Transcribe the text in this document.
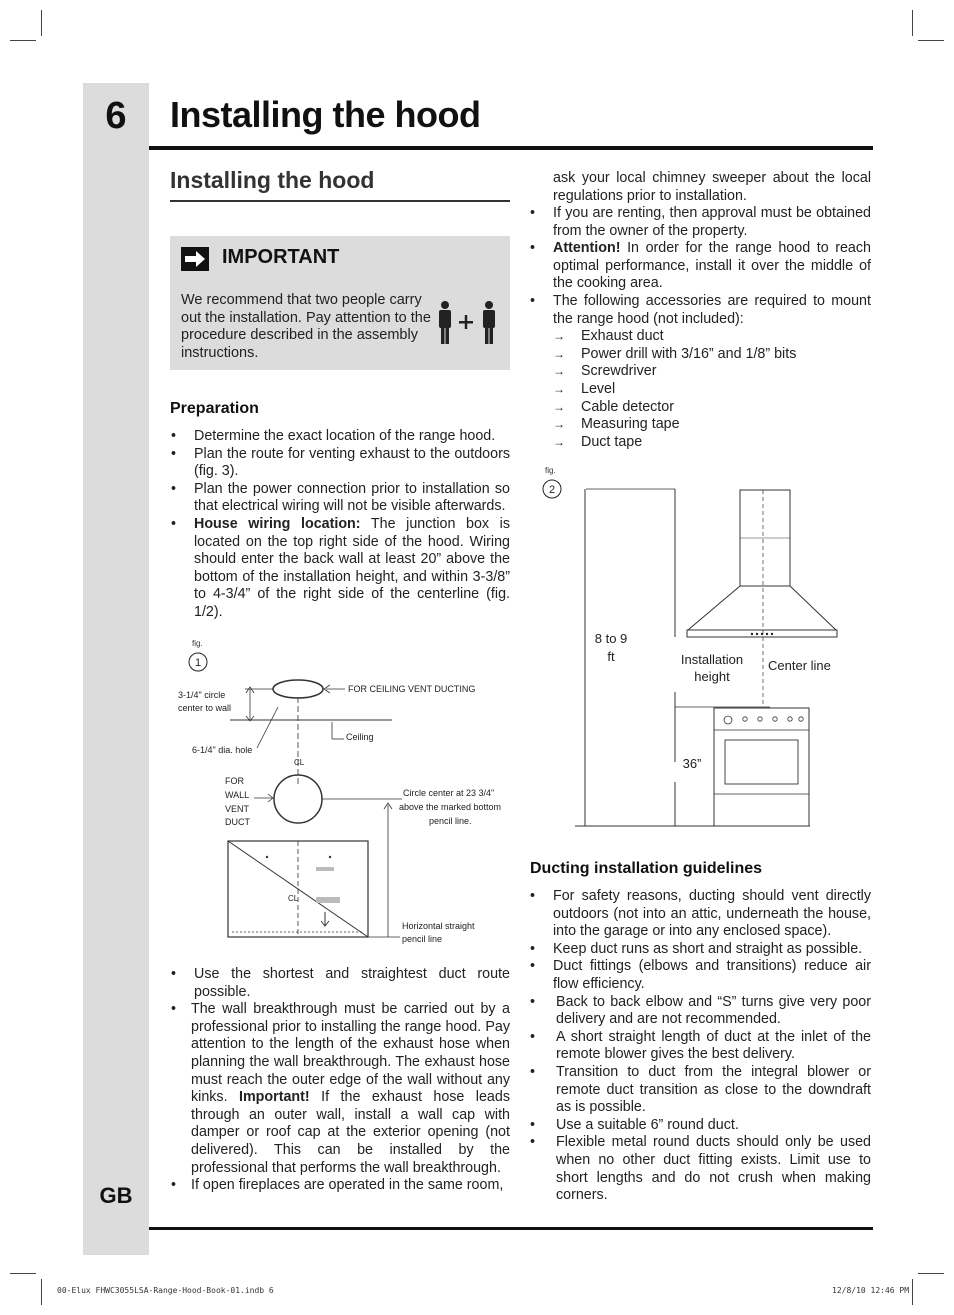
6
GB
Installing the hood
Installing the hood
IMPORTANT
We recommend that two people carry out the installation. Pay attention to the procedure described in the assembly instructions.
Preparation
• Determine the exact location of the range hood.
• Plan the route for venting exhaust to the outdoors (fig. 3).
• Plan the power connection prior to installation so that electrical wiring will not be visible afterwards.
• House wiring location: The junction box is located on the top right side of the hood. Wiring should enter the back wall at least 20” above the bottom of the installation height, and within 3-3/8” to 4-3/4” of the right side of the centerline (fig. 1/2).
fig.
1
3-1/4" circle
center to wall
FOR CEILING VENT DUCTING
Ceiling
6-1/4" dia. hole
CL
FOR
WALL
VENT
DUCT
Circle center at 23 3/4"
above the marked bottom
pencil line.
CL
Horizontal straight
pencil line
• Use the shortest and straightest duct route possible.
• The wall breakthrough must be carried out by a professional prior to installing the range hood. Pay attention to the length of the exhaust hose when planning the wall breakthrough. The exhaust hose must reach the outer edge of the wall without any kinks. Important! If the exhaust hose leads through an outer wall, install a wall cap with damper or roof cap at the exterior opening (not delivered). This can be installed by the professional that performs the wall breakthrough.
• If open fireplaces are operated in the same room,
ask your local chimney sweeper about the local regulations prior to installation.
• If you are renting, then approval must be obtained from the owner of the property.
• Attention! In order for the range hood to reach optimal performance, install it over the middle of the cooking area.
• The following accessories are required to mount the range hood (not included):
→ Exhaust duct
→ Power drill with 3/16” and 1/8” bits
→ Screwdriver
→ Level
→ Cable detector
→ Measuring tape
→ Duct tape
fig.
2
8 to 9
ft	Installation
height
36”
Center line
Ducting installation guidelines
• For safety reasons, ducting should vent directly outdoors (not into an attic, underneath the house, into the garage or into any enclosed space).
• Keep duct runs as short and straight as possible.
• Duct fittings (elbows and transitions) reduce air flow efficiency.
• Back to back elbow and “S” turns give very poor delivery and are not recommended.
• A short straight length of duct at the inlet of the remote blower gives the best delivery.
• Transition to duct from the integral blower or remote duct transition as close to the downdraft as is possible.
• Use a suitable 6” round duct.
• Flexible metal round ducts should only be used when no other duct fitting exists. Limit use to short lengths and do not crush when making corners.
00-Elux FHWC3055LSA-Range-Hood-Book-01.indb 6	12/8/10 12:46 PM
